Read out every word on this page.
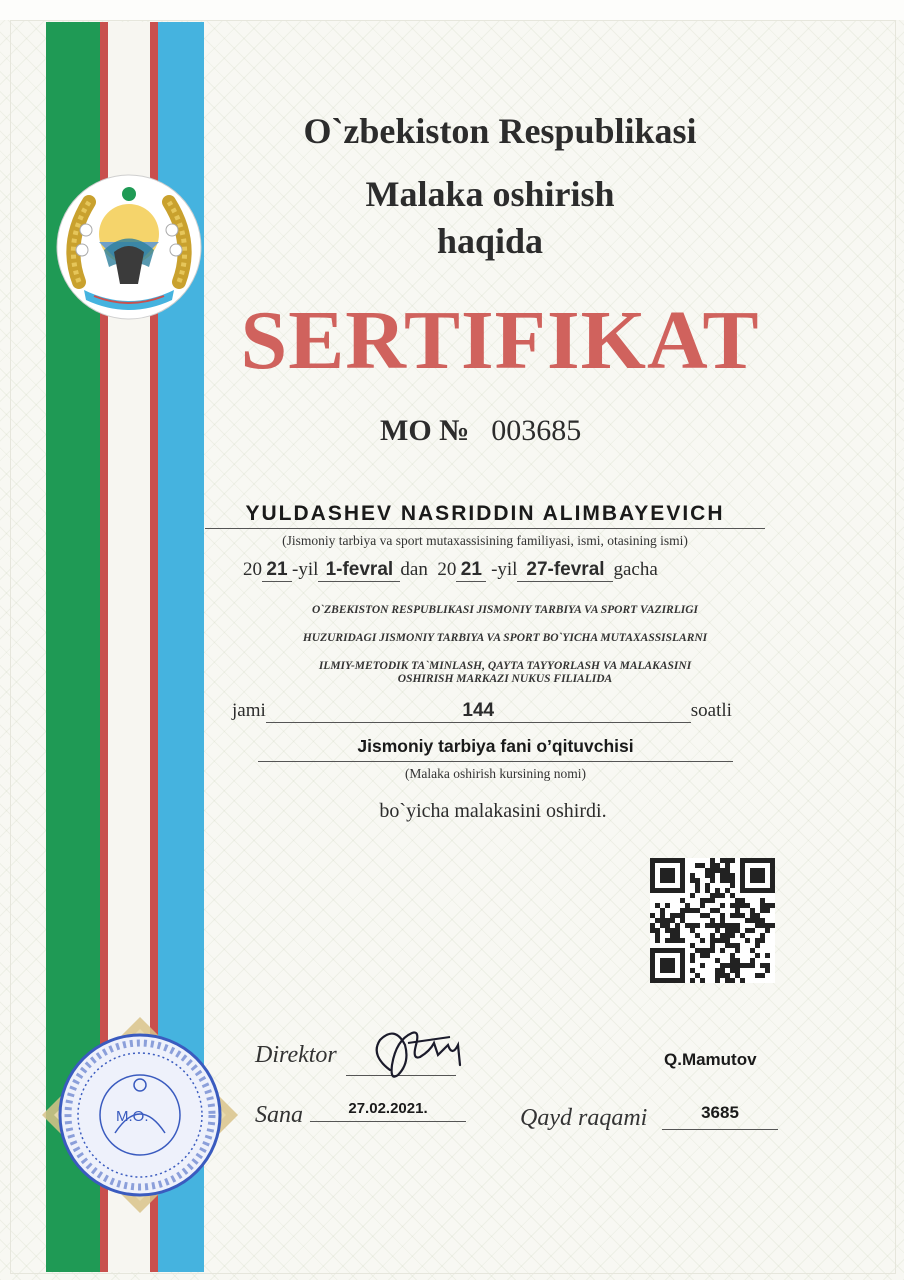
O`zbekiston Respublikasi

Malaka oshirish

haqida

SERTIFIKAT

MO № 003685

YULDASHEV NASRIDDIN ALIMBAYEVICH

(Jismoniy tarbiya va sport mutaxassisining familiyasi, ismi, otasining ismi)

20 21 -yil 1-fevral dan 20 21 -yil 27-fevral gacha

O`ZBEKISTON RESPUBLIKASI JISMONIY TARBIYA VA SPORT VAZIRLIGI

HUZURIDAGI JISMONIY TARBIYA VA SPORT BO`YICHA MUTAXASSISLARNI

ILMIY-METODIK TA`MINLASH, QAYTA TAYYORLASH VA MALAKASINI

OSHIRISH MARKAZI NUKUS FILIALIDA

jami	144	soatli

Jismoniy tarbiya fani o’qituvchisi

(Malaka oshirish kursining nomi)

bo`yicha malakasini oshirdi.

M.O.
Direktor	Q.Mamutov
Sana	27.02.2021.	Qayd raqami	3685
